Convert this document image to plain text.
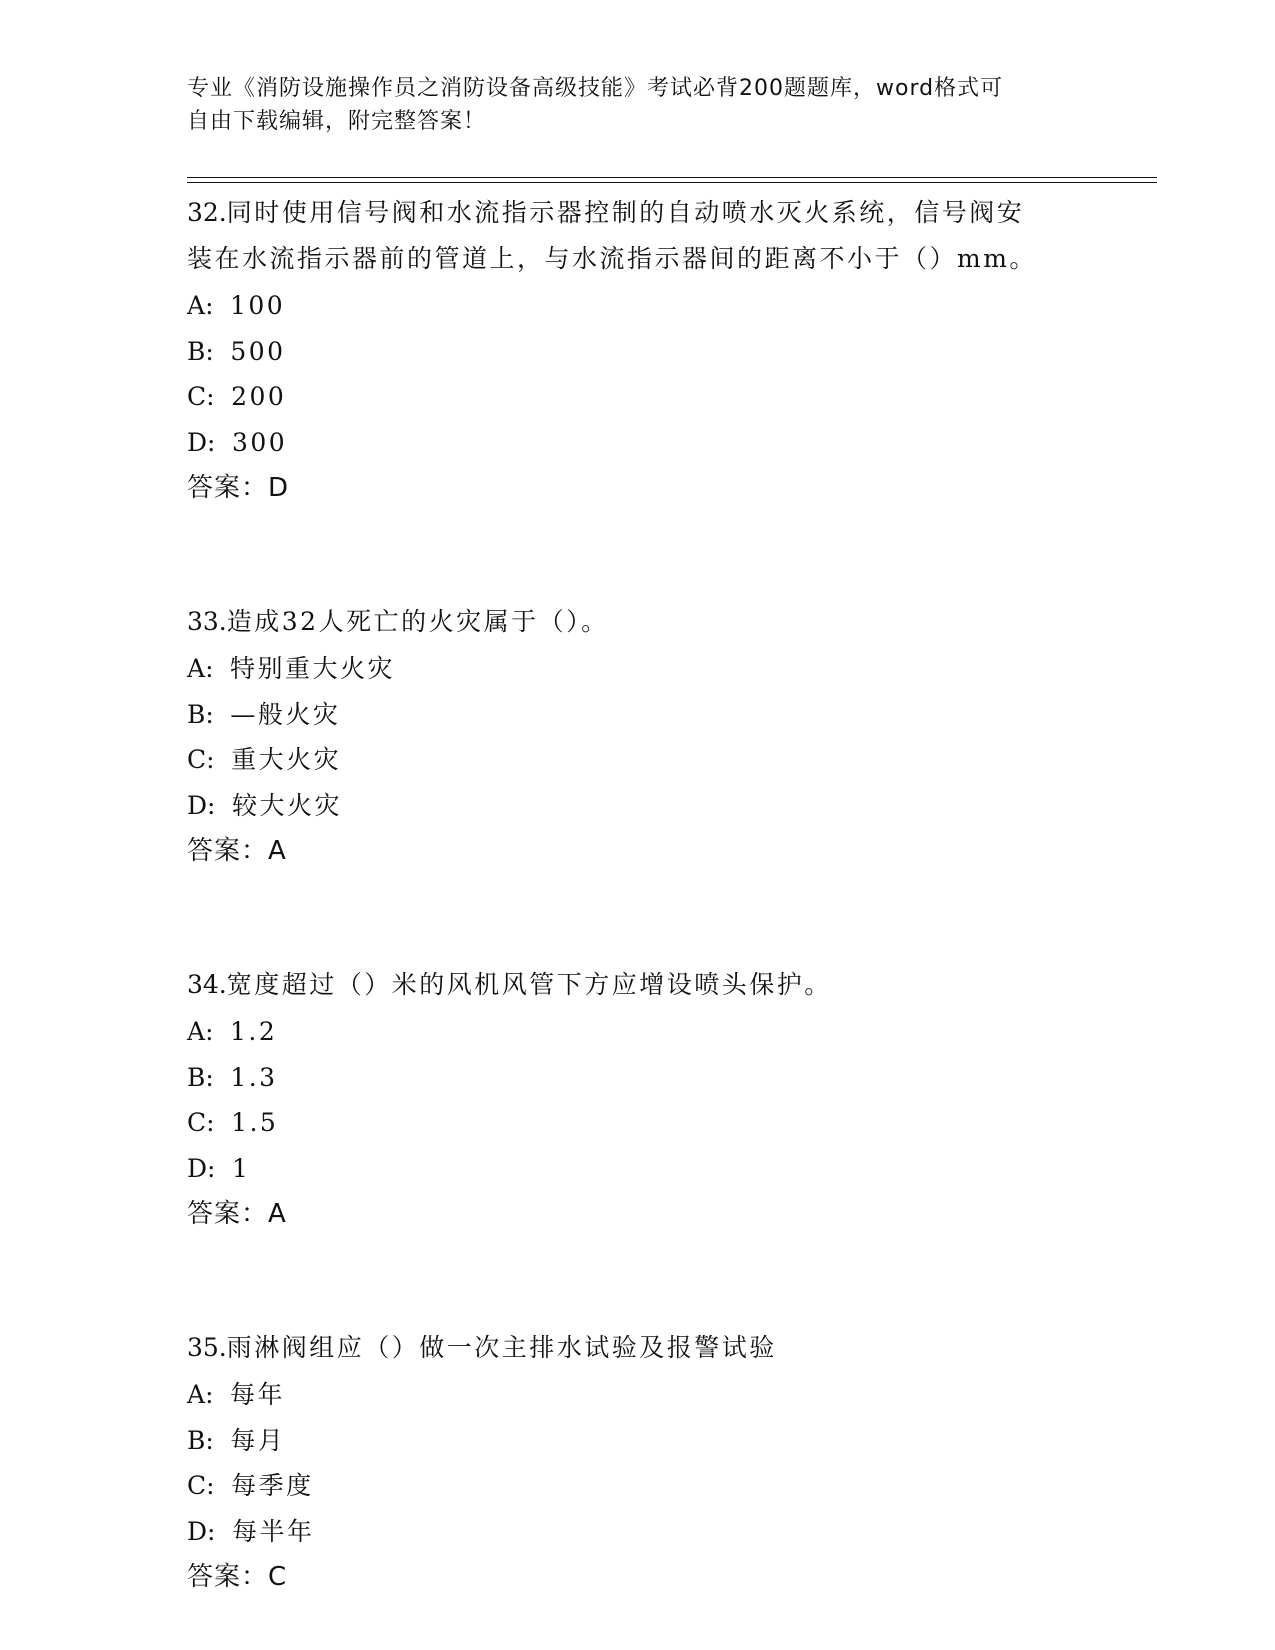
专业《消防设施操作员之消防设备高级技能》考试必背200题题库，word格式可
自由下载编辑，附完整答案！
32.同时使用信号阀和水流指示器控制的自动喷水灭火系统，信号阀安
装在水流指示器前的管道上，与水流指示器间的距离不小于（）mm。
A: 100
B: 500
C: 200
D: 300
答案：D
33.造成32人死亡的火灾属于（）。
A: 特别重大火灾
B: —般火灾
C: 重大火灾
D: 较大火灾
答案：A
34.宽度超过（）米的风机风管下方应增设喷头保护。
A: 1.2
B: 1.3
C: 1.5
D: 1
答案：A
35.雨淋阀组应（）做一次主排水试验及报警试验
A: 每年
B: 每月
C: 每季度
D: 每半年
答案：C
